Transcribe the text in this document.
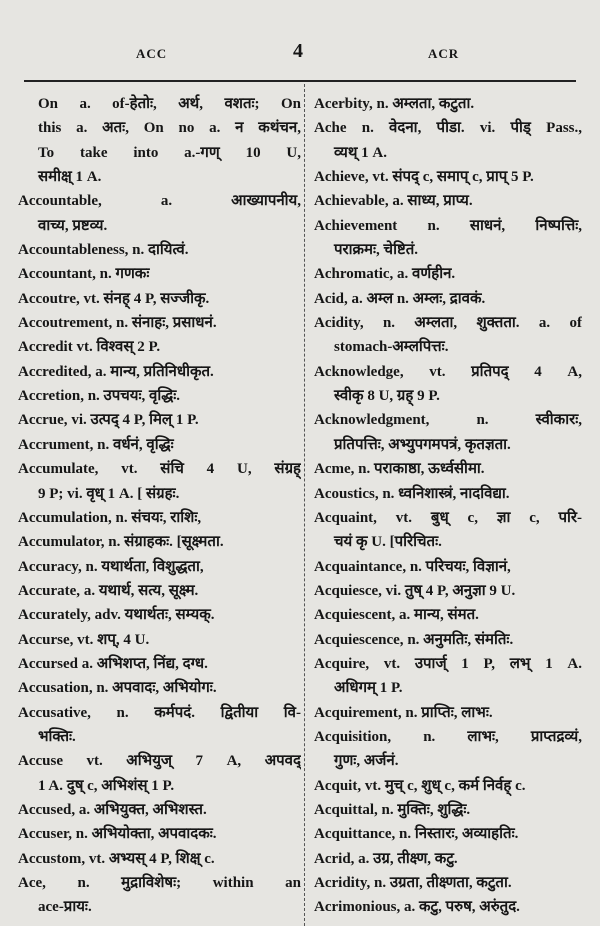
ACC	4	ACR
On a. of-हेतोः, अर्थ, वशतः; On
this a. अतः, On no a. न कथंचन,
To take into a.-गण् 10 U,
समीक्ष् 1 A.
Accountable, a. आख्यापनीय,
वाच्य, प्रष्टव्य.
Accountableness, n. दायित्वं.
Accountant, n. गणकः
Accoutre, vt. संनह् 4 P, सज्जीकृ.
Accoutrement, n. संनाहः, प्रसाधनं.
Accredit vt. विश्वस् 2 P.
Accredited, a. मान्य, प्रतिनिधीकृत.
Accretion, n. उपचयः, वृद्धिः.
Accrue, vi. उत्पद् 4 P, मिल् 1 P.
Accrument, n. वर्धनं, वृद्धिः
Accumulate, vt. संचि 4 U, संग्रह्
9 P; vi. वृध् 1 A. [ संग्रहः.
Accumulation, n. संचयः, राशिः,
Accumulator, n. संग्राहकः. [सूक्ष्मता.
Accuracy, n. यथार्थता, विशुद्धता,
Accurate, a. यथार्थ, सत्य, सूक्ष्म.
Accurately, adv. यथार्थतः, सम्यक्.
Accurse, vt. शप्, 4 U.
Accursed a. अभिशप्त, निंद्य, दग्ध.
Accusation, n. अपवादः, अभियोगः.
Accusative, n. कर्मपदं. द्वितीया वि-
भक्तिः.
Accuse vt. अभियुज् 7 A, अपवद्
1 A. दुष् c, अभिशंस् 1 P.
Accused, a. अभियुक्त, अभिशस्त.
Accuser, n. अभियोक्ता, अपवादकः.
Accustom, vt. अभ्यस् 4 P, शिक्ष् c.
Ace, n. मुद्राविशेषः; within an
ace-प्रायः.
Acerbity, n. अम्लता, कटुता.
Ache n. वेदना, पीडा. vi. पीड् Pass.,
व्यथ् 1 A.
Achieve, vt. संपद् c, समाप् c, प्राप् 5 P.
Achievable, a. साध्य, प्राप्य.
Achievement n. साधनं, निष्पत्तिः,
पराक्रमः, चेष्टितं.
Achromatic, a. वर्णहीन.
Acid, a. अम्ल n. अम्लः, द्रावकं.
Acidity, n. अम्लता, शुक्तता. a. of
stomach-अम्लपित्तः.
Acknowledge, vt. प्रतिपद् 4 A,
स्वीकृ 8 U, ग्रह् 9 P.
Acknowledgment, n. स्वीकारः,
प्रतिपत्तिः, अभ्युपगमपत्रं, कृतज्ञता.
Acme, n. पराकाष्ठा, ऊर्ध्वसीमा.
Acoustics, n. ध्वनिशास्त्रं, नादविद्या.
Acquaint, vt. बुध् c, ज्ञा c, परि-
चयं कृ U. [परिचितः.
Acquaintance, n. परिचयः, विज्ञानं,
Acquiesce, vi. तुष् 4 P, अनुज्ञा 9 U.
Acquiescent, a. मान्य, संमत.
Acquiescence, n. अनुमतिः, संमतिः.
Acquire, vt. उपार्ज् 1 P, लभ् 1 A.
अधिगम् 1 P.
Acquirement, n. प्राप्तिः, लाभः.
Acquisition, n. लाभः, प्राप्तद्रव्यं,
गुणः, अर्जनं.
Acquit, vt. मुच् c, शुध् c, कर्म निर्वह् c.
Acquittal, n. मुक्तिः, शुद्धिः.
Acquittance, n. निस्तारः, अव्याहतिः.
Acrid, a. उग्र, तीक्ष्ण, कटु.
Acridity, n. उग्रता, तीक्ष्णता, कटुता.
Acrimonious, a. कटु, परुष, अरुंतुद.
